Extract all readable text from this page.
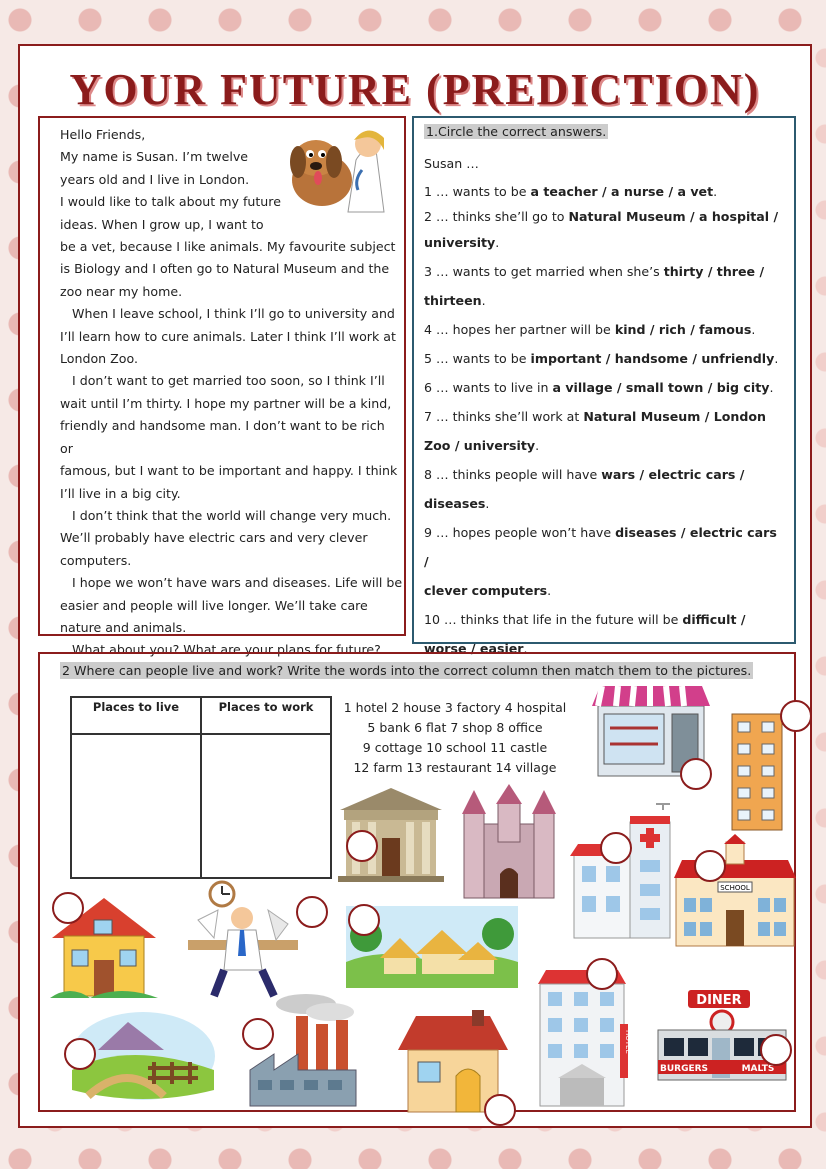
YOUR FUTURE (PREDICTION)

Hello Friends,

My name is Susan. I’m twelve

years old and I live in London.

I would like to talk about my future

ideas. When I grow up, I want to

be a vet, because I like animals. My favourite subject

is Biology and I often go to Natural Museum and the

zoo near my home.

When I leave school, I think I’ll go to university and

I’ll learn how to cure animals. Later I think I’ll work at

London Zoo.

I don’t want to get married too soon, so I think I’ll

wait until I’m thirty. I hope my partner will be a kind,

friendly and handsome man. I don’t want to be rich or

famous, but I want to be important and happy. I think

I’ll live in a big city.

I don’t think that the world will change very much.

We’ll probably have electric cars and very clever

computers.

I hope we won’t have wars and diseases. Life will be

easier and people will live longer. We’ll take care

nature and animals.

What about you? What are your plans for future?

1.Circle the correct answers.

Susan …

1 … wants to be a teacher / a nurse / a vet.

2 … thinks she’ll go to Natural Museum / a hospital /

university.

3 … wants to get married when she’s thirty / three /

thirteen.

4 … hopes her partner will be kind / rich / famous.

5 … wants to be important / handsome / unfriendly.

6 … wants to live in a village / small town / big city.

7 … thinks she’ll work at Natural Museum / London

Zoo / university.

8 … thinks people will have wars / electric cars /

diseases.

9 … hopes people won’t have diseases / electric cars /

clever computers.

10 … thinks that life in the future will be difficult /

worse / easier.

2 Where can people live and work? Write the words into the correct column then match them to the pictures.
Places to live	Places to work
		1 hotel 2 house 3 factory 4 hospital
5 bank 6 flat 7 shop 8 office
9 cottage 10 school 11 castle
12 farm 13 restaurant 14 village
SCHOOL
HOTEL
DINER
BURGERS	MALTS
